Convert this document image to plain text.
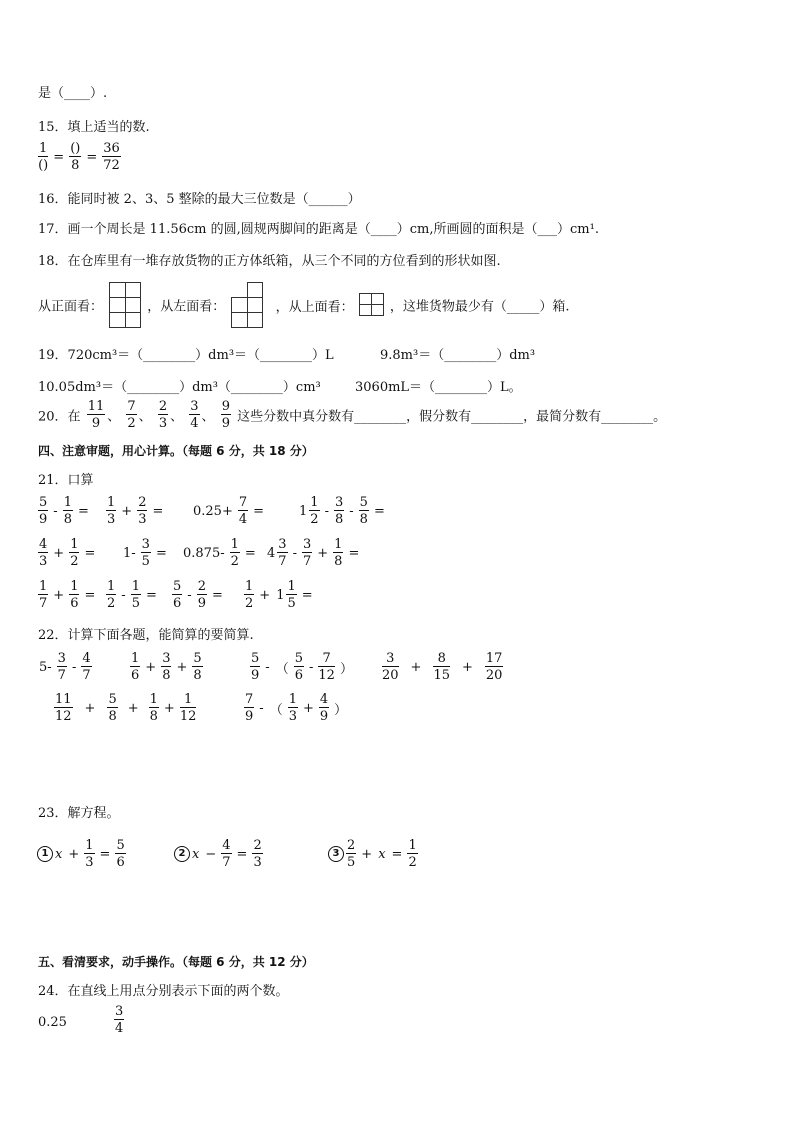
是（____）.
15．填上适当的数.
$\frac{1}{()} = \frac{()}{8} = \frac{36}{72}$
16．能同时被 2、3、5 整除的最大三位数是（______）
17．画一个周长是 11.56cm 的圆,圆规两脚间的距离是（____）cm,所画圆的面积是（___）cm¹.
18．在仓库里有一堆存放货物的正方体纸箱，从三个不同的方位看到的形状如图.
从正面看：	，从左面看：	，从上面看：	，这堆货物最少有（_____）箱.
19．720cm³＝（________）dm³＝（________）L	9.8m³＝（________）dm³
10.05dm³＝（________）dm³（________）cm³	3060mL＝（________）L。
20．在 $\frac{11}{9}$ 、 $\frac{7}{2}$ 、 $\frac{2}{3}$ 、 $\frac{3}{4}$ 、 $\frac{9}{9}$ 这些分数中真分数有________，假分数有________，最简分数有________。
四、注意审题，用心计算。（每题 6 分，共 18 分）
21．口算
$\frac{5}{9} - \frac{1}{8} = \frac{1}{3} + \frac{2}{3} = 0.25+ \frac{7}{4}$ =	$1 \frac{1}{2} - \frac{3}{8} - \frac{5}{8}$ =
$\frac{4}{3} + \frac{1}{2} = 1- \frac{3}{5} = 0.875- \frac{1}{2} = 4 \frac{3}{7} - \frac{3}{7} + \frac{1}{8}$ =
$\frac{1}{7} + \frac{1}{6} = \frac{1}{2} - \frac{1}{5} = \frac{5}{6} - \frac{2}{9} = \frac{1}{2} + 1 \frac{1}{5}$ =
22．计算下面各题，能简算的要简算.
$5- \frac{3}{7} - \frac{4}{7}$	$\frac{1}{6} + \frac{3}{8} + \frac{5}{8}$	$\frac{5}{9}$ - （ $\frac{5}{6} - \frac{7}{12}$ ） $\frac{3}{20} + \frac{8}{15} + \frac{17}{20}$
$\frac{11}{12} + \frac{5}{8} + \frac{1}{8} + \frac{1}{12}$	$\frac{7}{9}$ - （ $\frac{1}{3} + \frac{4}{9}$ ）
23．解方程。
1 $x + \frac{1}{3} = \frac{5}{6}$	2 $x - \frac{4}{7} = \frac{2}{3}$	$3 \frac{2}{5} + x = \frac{1}{2}$
五、看清要求，动手操作。（每题 6 分，共 12 分）
24．在直线上用点分别表示下面的两个数。
0.25	$\frac{3}{4}$
